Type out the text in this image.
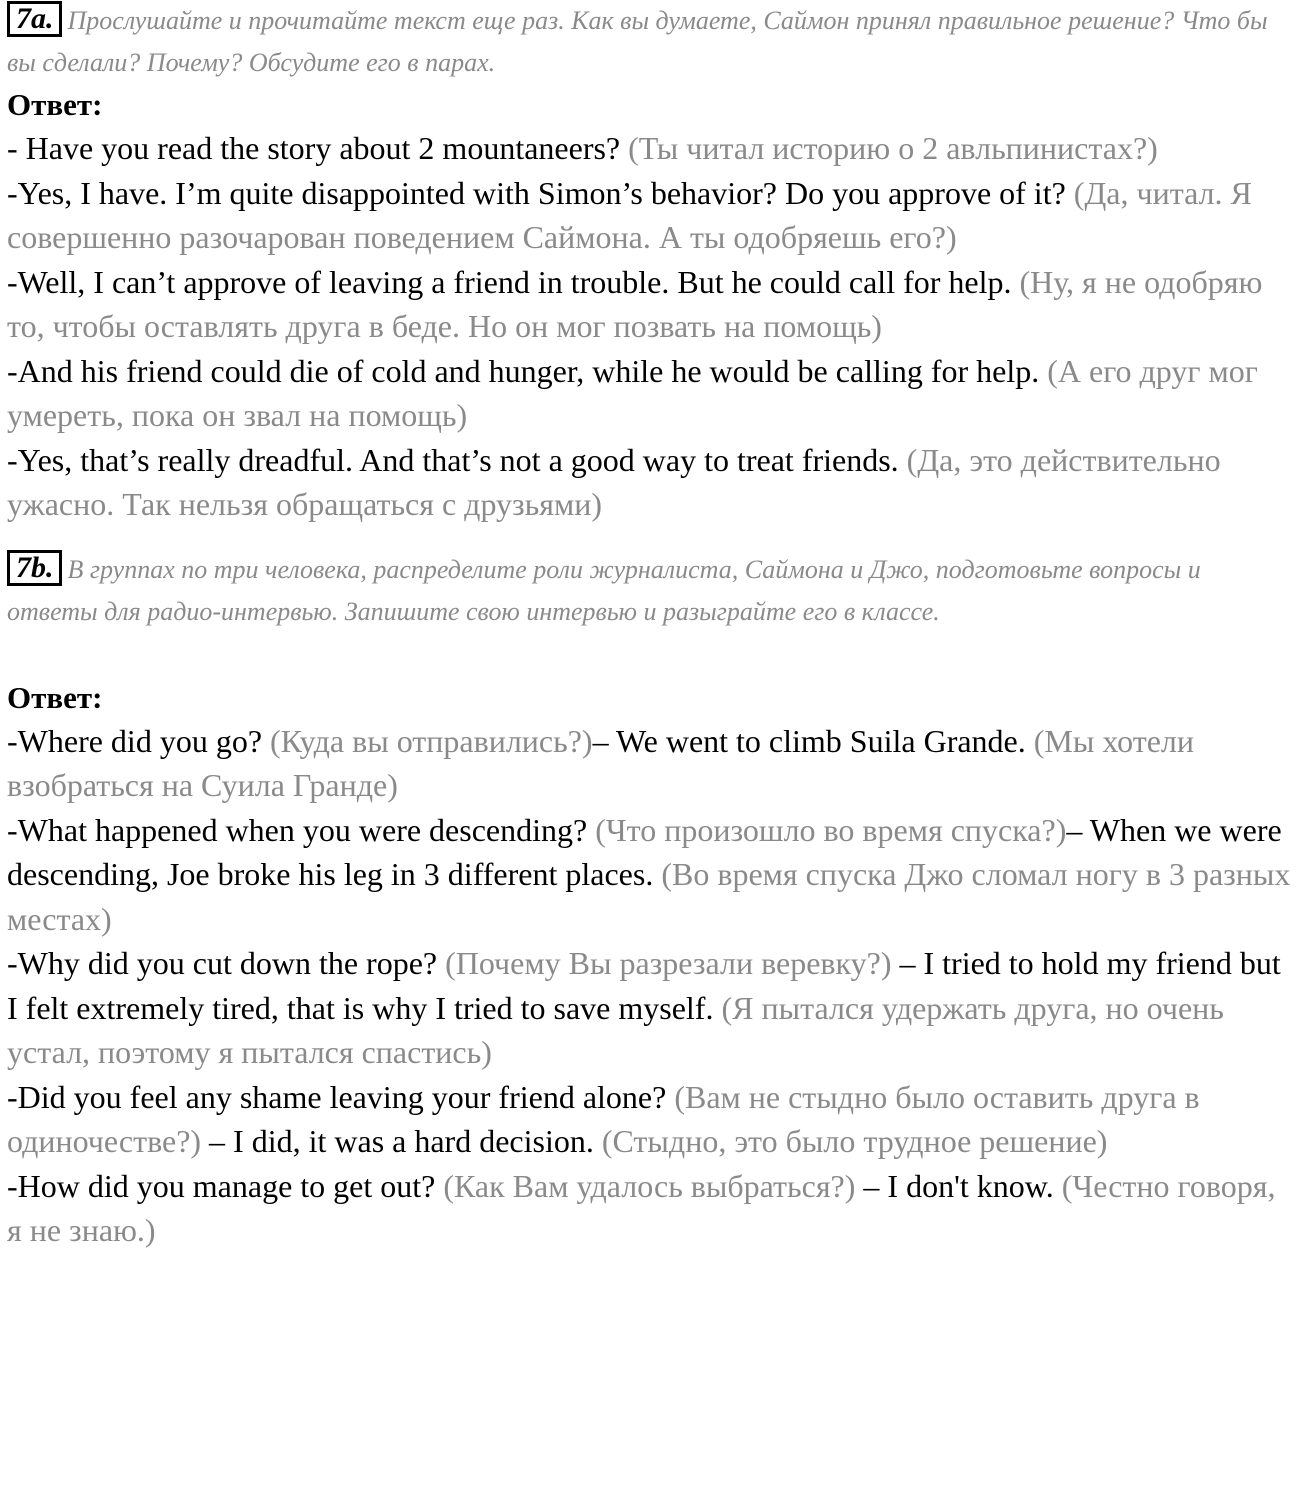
7a. Прослушайте и прочитайте текст еще раз. Как вы думаете, Саймон принял правильное решение? Что бы вы сделали? Почему? Обсудите его в парах.
Ответ:
- Have you read the story about 2 mountaneers? (Ты читал историю о 2 авльпинистах?)
-Yes, I have. I’m quite disappointed with Simon’s behavior? Do you approve of it? (Да, читал. Я совершенно разочарован поведением Саймона. А ты одобряешь его?)
-Well, I can’t approve of leaving a friend in trouble. But he could call for help. (Ну, я не одобряю то, чтобы оставлять друга в беде. Но он мог позвать на помощь)
-And his friend could die of cold and hunger, while he would be calling for help. (А его друг мог умереть, пока он звал на помощь)
-Yes, that’s really dreadful. And that’s not a good way to treat friends. (Да, это действительно ужасно. Так нельзя обращаться с друзьями)
7b. В группах по три человека, распределите роли журналиста, Саймона и Джо, подготовьте вопросы и ответы для радио-интервью. Запишите свою интервью и разыграйте его в классе.
Ответ:
-Where did you go? (Куда вы отправились?)– We went to climb Suila Grande. (Мы хотели взобраться на Суила Гранде)
-What happened when you were descending? (Что произошло во время спуска?)– When we were descending, Joe broke his leg in 3 different places. (Во время спуска Джо сломал ногу в 3 разных местах)
-Why did you cut down the rope? (Почему Вы разрезали веревку?) – I tried to hold my friend but I felt extremely tired, that is why I tried to save myself. (Я пытался удержать друга, но очень устал, поэтому я пытался спастись)
-Did you feel any shame leaving your friend alone? (Вам не стыдно было оставить друга в одиночестве?) – I did, it was a hard decision. (Стыдно, это было трудное решение)
-How did you manage to get out? (Как Вам удалось выбраться?) – I don't know. (Честно говоря, я не знаю.)
